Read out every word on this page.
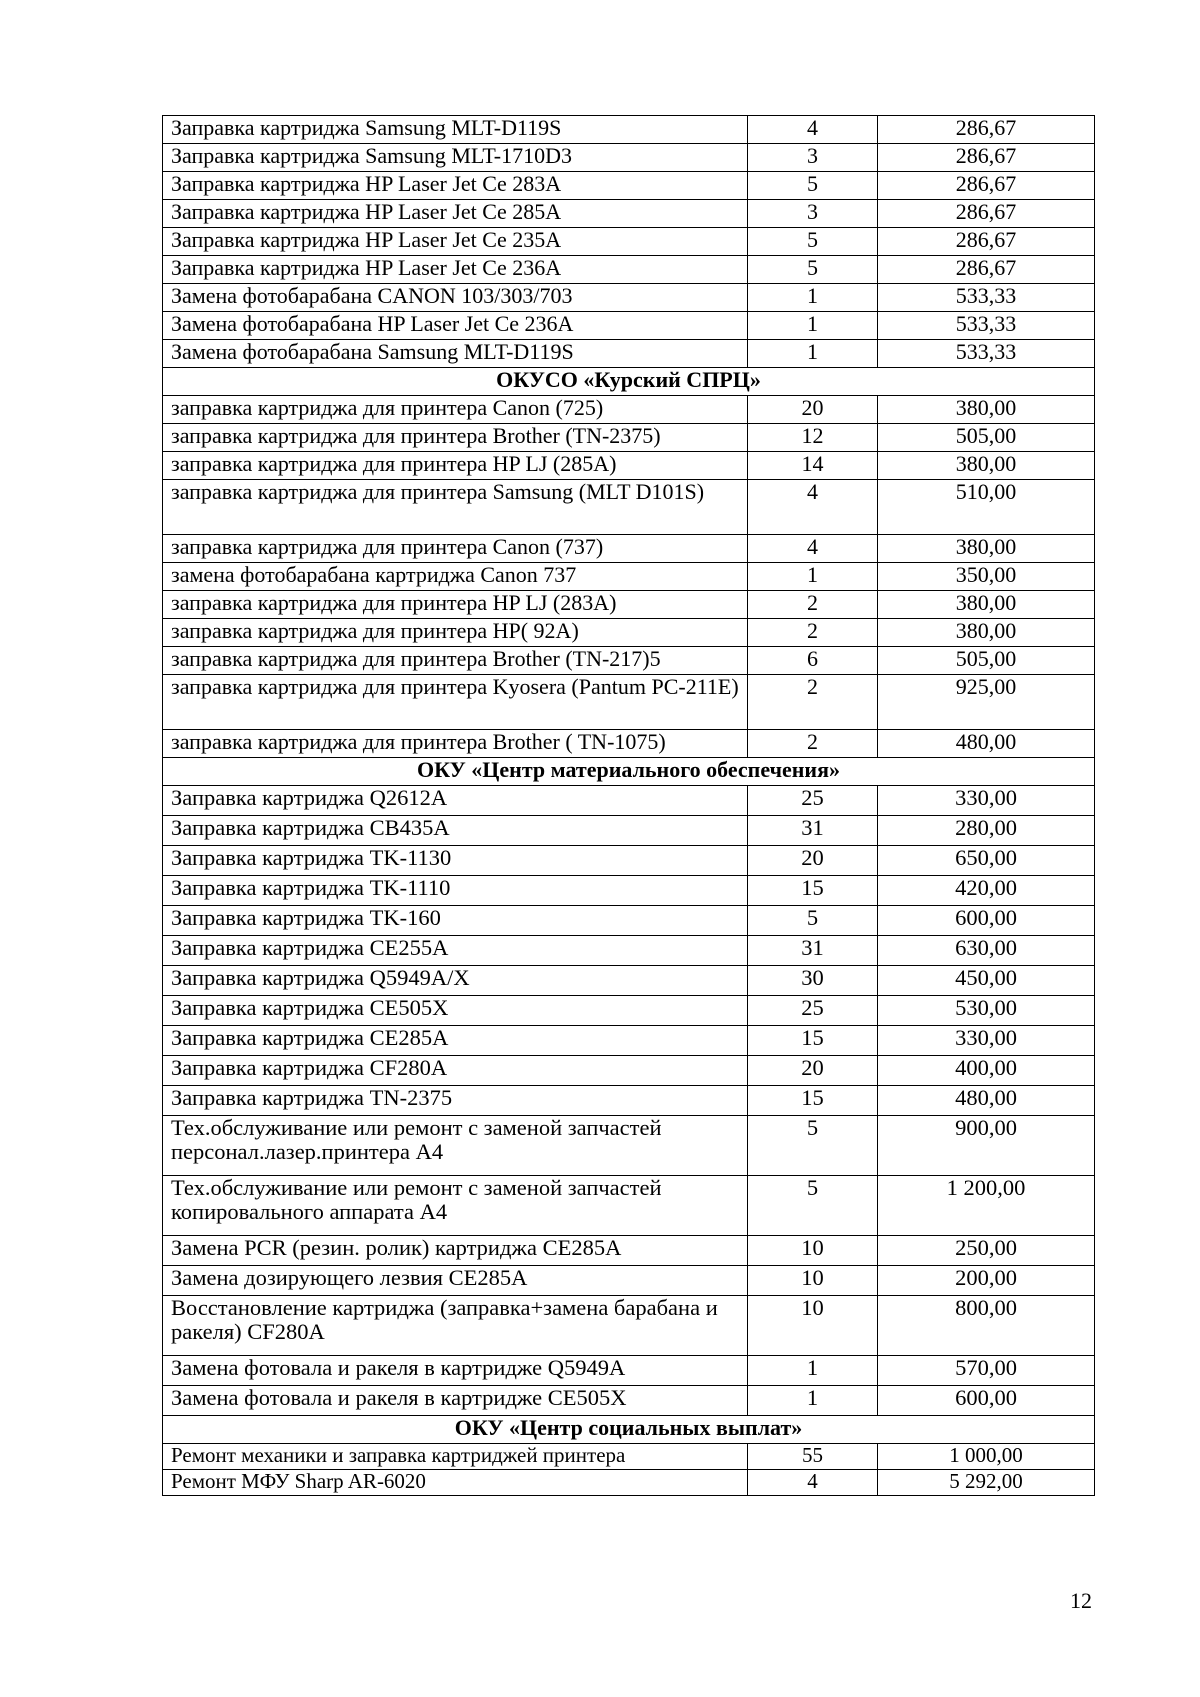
Заправка картриджа Samsung MLT-D119S	4	286,67
Заправка картриджа Samsung MLT-1710D3	3	286,67
Заправка картриджа HP Laser Jet Ce 283A	5	286,67
Заправка картриджа HP Laser Jet Ce 285A	3	286,67
Заправка картриджа HP Laser Jet Ce 235A	5	286,67
Заправка картриджа HP Laser Jet Ce 236A	5	286,67
Замена фотобарабана CANON 103/303/703	1	533,33
Замена фотобарабана HP Laser Jet Ce 236A	1	533,33
Замена фотобарабана Samsung MLT-D119S	1	533,33
ОКУСО «Курский СПРЦ»		
заправка картриджа для принтера Canon (725)	20	380,00
заправка картриджа для принтера Brother (TN-2375)	12	505,00
заправка картриджа для принтера HP LJ (285A)	14	380,00
заправка картриджа для принтера Samsung (MLT D101S)	4	510,00
заправка картриджа для принтера Canon (737)	4	380,00
замена фотобарабана картриджа Canon 737	1	350,00
заправка картриджа для принтера HP LJ (283A)	2	380,00
заправка картриджа для принтера HP( 92A)	2	380,00
заправка картриджа для принтера Brother (TN-217)5	6	505,00
заправка картриджа для принтера Kyosera (Pantum PC-211E)	2	925,00
заправка картриджа для принтера Brother ( TN-1075)	2	480,00
ОКУ «Центр материального обеспечения»		
Заправка картриджа Q2612A	25	330,00
Заправка картриджа CB435A	31	280,00
Заправка картриджа TK-1130	20	650,00
Заправка картриджа TK-1110	15	420,00
Заправка картриджа TK-160	5	600,00
Заправка картриджа CE255A	31	630,00
Заправка картриджа Q5949A/X	30	450,00
Заправка картриджа CE505X	25	530,00
Заправка картриджа CE285A	15	330,00
Заправка картриджа CF280A	20	400,00
Заправка картриджа TN-2375	15	480,00
Тех.обслуживание или ремонт с заменой запчастей персонал.лазер.принтера А4	5	900,00
Тех.обслуживание или ремонт с заменой запчастей копировального аппарата А4	5	1 200,00
Замена PCR (резин. ролик) картриджа CE285A	10	250,00
Замена дозирующего лезвия CE285A	10	200,00
Восстановление картриджа (заправка+замена барабана и ракеля) CF280A	10	800,00
Замена фотовала и ракеля в картридже Q5949A	1	570,00
Замена фотовала и ракеля в картридже CE505X	1	600,00
ОКУ «Центр социальных выплат»		
Ремонт механики и заправка картриджей принтера	55	1 000,00
Ремонт МФУ Sharp AR-6020	4	5 292,00
12
